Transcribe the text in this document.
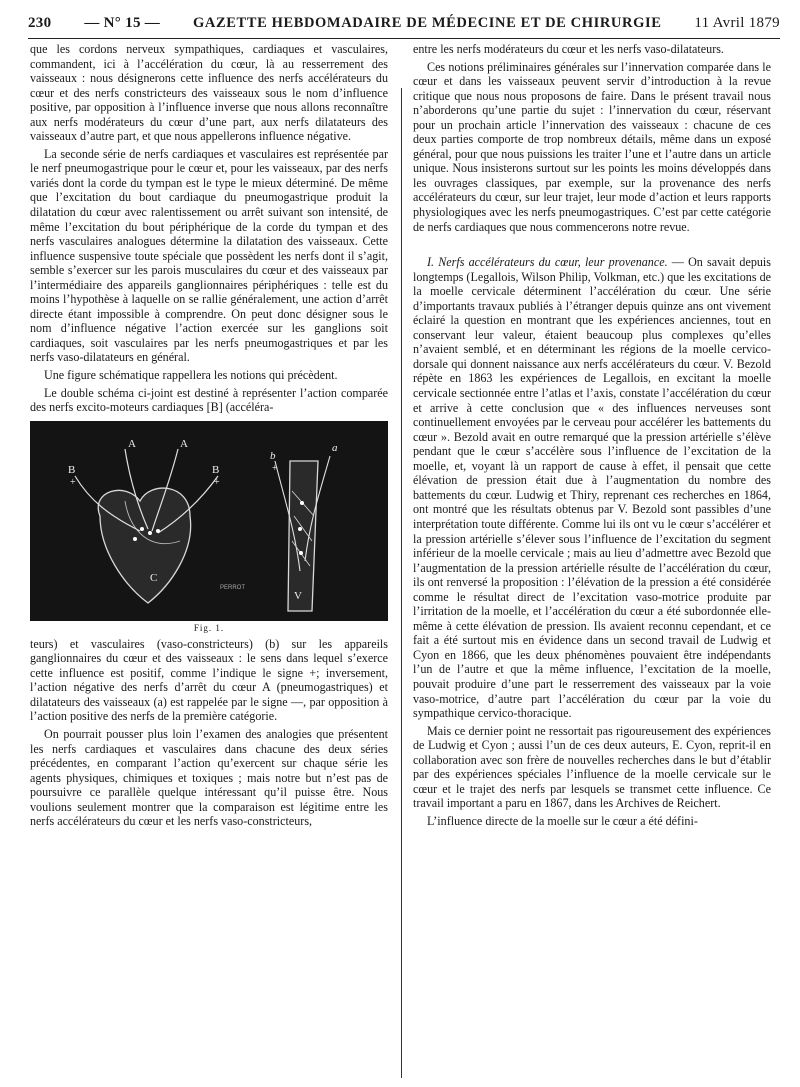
230 — N° 15 — GAZETTE HEBDOMADAIRE DE MÉDECINE ET DE CHIRURGIE 11 Avril 1879

que les cordons nerveux sympathiques, cardiaques et vasculaires, commandent, ici à l’accélération du cœur, là au resserrement des vaisseaux : nous désignerons cette influence des nerfs accélérateurs du cœur et des nerfs constricteurs des vaisseaux sous le nom d’influence positive, par opposition à l’influence inverse que nous allons reconnaître aux nerfs modérateurs du cœur d’une part, aux nerfs dilatateurs des vaisseaux d’autre part, et que nous appellerons influence négative.

La seconde série de nerfs cardiaques et vasculaires est représentée par le nerf pneumogastrique pour le cœur et, pour les vaisseaux, par des nerfs variés dont la corde du tympan est le type le mieux déterminé. De même que l’excitation du bout cardiaque du pneumogastrique produit la dilatation du cœur avec ralentissement ou arrêt suivant son intensité, de même l’excitation du bout périphérique de la corde du tympan et des nerfs vasculaires analogues détermine la dilatation des vaisseaux. Cette influence suspensive toute spéciale que possèdent les nerfs dont il s’agit, semble s’exercer sur les parois musculaires du cœur et des vaisseaux par l’intermédiaire des appareils ganglionnaires périphériques : telle est du moins l’hypothèse à laquelle on se rallie généralement, une action d’arrêt directe étant impossible à comprendre. On peut donc désigner sous le nom d’influence négative l’action exercée sur les ganglions soit cardiaques, soit vasculaires par les nerfs pneumogastriques et par les nerfs vaso-dilatateurs en général.

Une figure schématique rappellera les notions qui précèdent.

Le double schéma ci-joint est destiné à représenter l’action comparée des nerfs excito-moteurs cardiaques [B] (accéléra-

A	A
B
+
B
+
b
+
a
C
V
PERROT
Fig. 1.

teurs) et vasculaires (vaso-constricteurs) (b) sur les appareils ganglionnaires du cœur et des vaisseaux : le sens dans lequel s’exerce cette influence est positif, comme l’indique le signe +; inversement, l’action négative des nerfs d’arrêt du cœur A (pneumogastriques) et dilatateurs des vaisseaux (a) est rappelée par le signe —, par opposition à l’action positive des nerfs de la première catégorie.

On pourrait pousser plus loin l’examen des analogies que présentent les nerfs cardiaques et vasculaires dans chacune des deux séries précédentes, en comparant l’action qu’exercent sur chaque série les agents physiques, chimiques et toxiques ; mais notre but n’est pas de poursuivre ce parallèle quelque intéressant qu’il puisse être. Nous voulions seulement montrer que la comparaison est légitime entre les nerfs accélérateurs du cœur et les nerfs vaso-constricteurs,

entre les nerfs modérateurs du cœur et les nerfs vaso-dilatateurs.

Ces notions préliminaires générales sur l’innervation comparée dans le cœur et dans les vaisseaux peuvent servir d’introduction à la revue critique que nous nous proposons de faire. Dans le présent travail nous n’aborderons qu’une partie du sujet : l’innervation du cœur, réservant pour un prochain article l’innervation des vaisseaux : chacune de ces deux parties comporte de trop nombreux détails, même dans un exposé général, pour que nous puissions les traiter l’une et l’autre dans un article unique. Nous insisterons surtout sur les points les moins développés dans les ouvrages classiques, par exemple, sur la provenance des nerfs accélérateurs du cœur, sur leur trajet, leur mode d’action et leurs rapports physiologiques avec les nerfs pneumogastriques. C’est par cette catégorie de nerfs cardiaques que nous commencerons notre revue.

I. Nerfs accélérateurs du cœur, leur provenance. — On savait depuis longtemps (Legallois, Wilson Philip, Volkman, etc.) que les excitations de la moelle cervicale déterminent l’accélération du cœur. Une série d’importants travaux publiés à l’étranger depuis quinze ans ont vivement éclairé la question en montrant que les expériences anciennes, tout en conservant leur valeur, étaient beaucoup plus complexes qu’elles n’avaient semblé, et en déterminant les régions de la moelle cervico-dorsale qui donnent naissance aux nerfs accélérateurs du cœur. V. Bezold répète en 1863 les expériences de Legallois, en excitant la moelle cervicale sectionnée entre l’atlas et l’axis, constate l’accélération du cœur et arrive à cette conclusion que « des influences nerveuses sont continuellement envoyées par le cerveau pour accélérer les battements du cœur ». Bezold avait en outre remarqué que la pression artérielle s’élève pendant que le cœur s’accélère sous l’influence de l’excitation de la moelle, et, voyant là un rapport de cause à effet, il pensait que cette élévation de pression était due à l’augmentation du nombre des battements du cœur. Ludwig et Thiry, reprenant ces recherches en 1864, ont montré que les résultats obtenus par V. Bezold sont passibles d’une interprétation toute différente. Comme lui ils ont vu le cœur s’accélérer et la pression artérielle s’élever sous l’influence de l’excitation du segment inférieur de la moelle cervicale ; mais au lieu d’admettre avec Bezold que l’augmentation de la pression artérielle résulte de l’accélération du cœur, ils ont renversé la proposition : l’élévation de la pression a été considérée comme le résultat direct de l’excitation vaso-motrice produite par l’irritation de la moelle, et l’accélération du cœur a été subordonnée elle-même à cette élévation de pression. Ils avaient reconnu cependant, et ce fait a été surtout mis en évidence dans un second travail de Ludwig et Cyon en 1866, que les deux phénomènes pouvaient être indépendants l’un de l’autre et que la même influence, l’excitation de la moelle, pouvait produire d’une part le resserrement des vaisseaux par la voie vaso-motrice, d’autre part l’accélération du cœur par la voie du sympathique cervico-thoracique.

Mais ce dernier point ne ressortait pas rigoureusement des expériences de Ludwig et Cyon ; aussi l’un de ces deux auteurs, E. Cyon, reprit-il en collaboration avec son frère de nouvelles recherches dans le but d’établir par des expériences spéciales l’influence de la moelle cervicale sur le cœur et le trajet des nerfs par lesquels se transmet cette influence. Ce travail important a paru en 1867, dans les Archives de Reichert.

L’influence directe de la moelle sur le cœur a été défini-
